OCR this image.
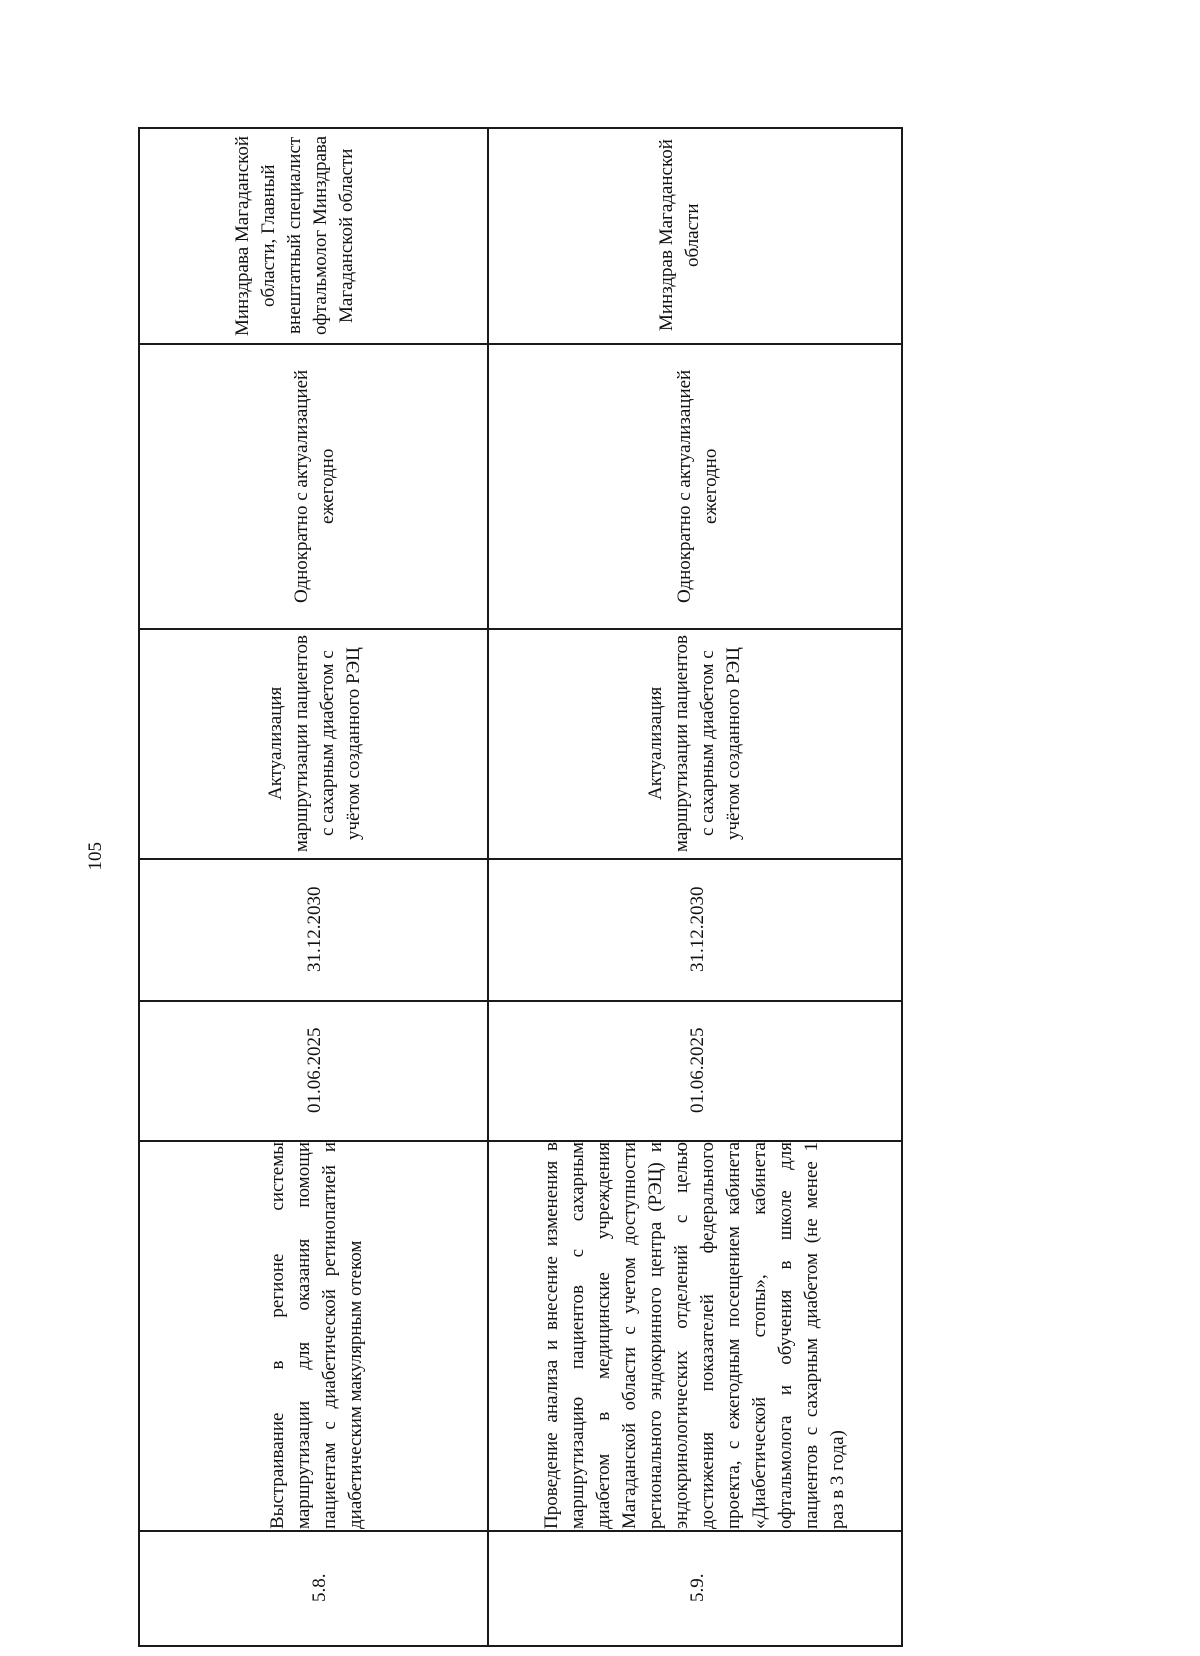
105
5.8.
Выстраивание в регионе системы маршрутизации для оказания помощи пациентам с диабетической ретинопатией и диабетическим макулярным отеком
01.06.2025
31.12.2030
Актуализация маршрутизации пациентов с сахарным диабетом с учётом созданного РЭЦ
Однократно с актуализацией ежегодно
Минздрава Магаданской области, Главный внештатный специалист офтальмолог Минздрава Магаданской области
5.9.
Проведение анализа и внесение изменения в маршрутизацию пациентов с сахарным диабетом в медицинские учреждения Магаданской области с учетом доступности регионального эндокринного центра (РЭЦ) и эндокринологических отделений с целью достижения показателей федерального проекта, с ежегодным посещением кабинета «Диабетической стопы», кабинета офтальмолога и обучения в школе для пациентов с сахарным диабетом (не менее 1 раз в 3 года)
01.06.2025
31.12.2030
Актуализация маршрутизации пациентов с сахарным диабетом с учётом созданного РЭЦ
Однократно с актуализацией ежегодно
Минздрав Магаданской области
